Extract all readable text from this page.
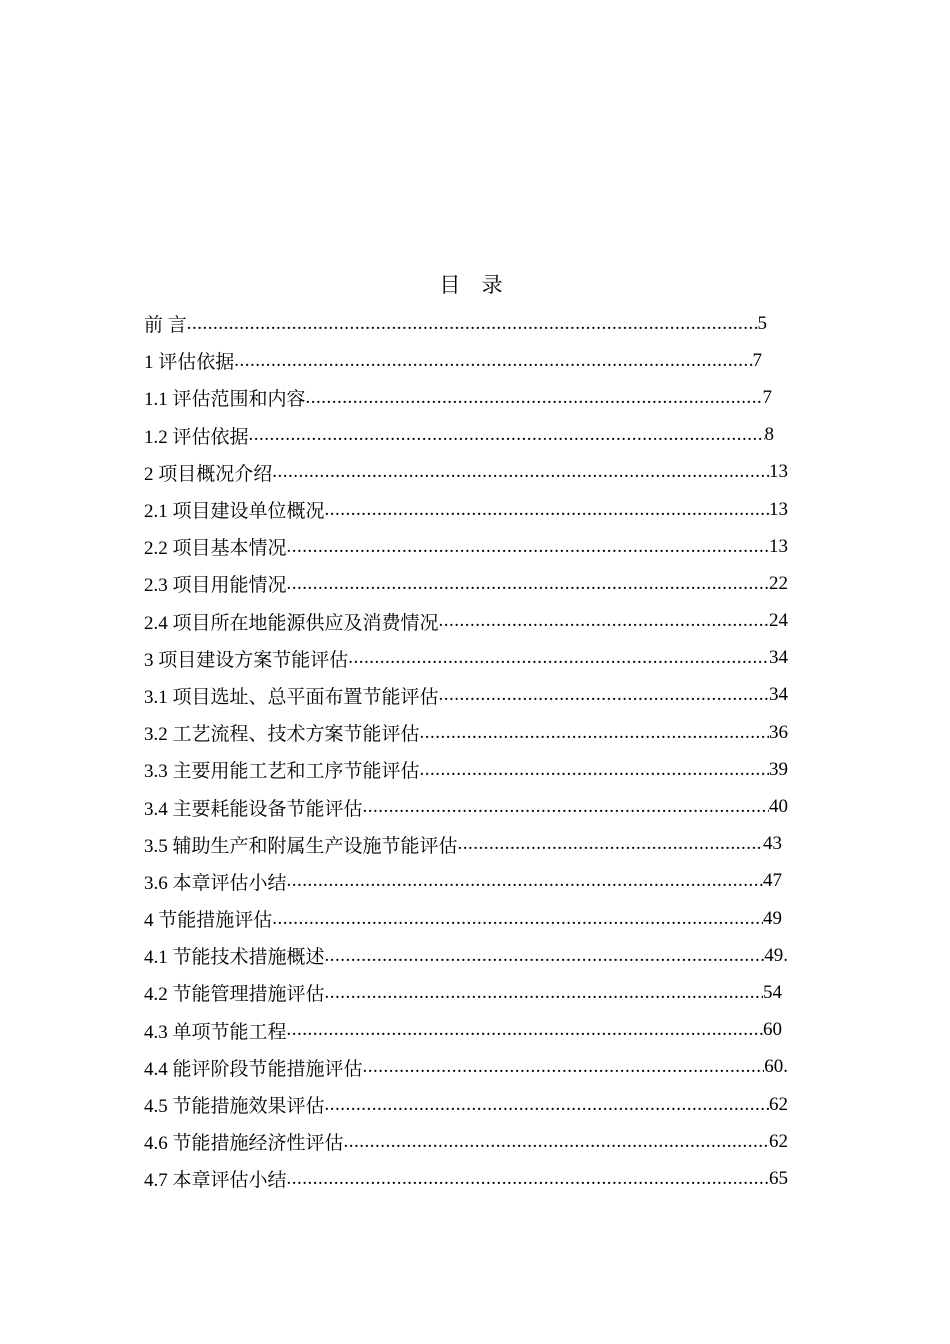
目 录
前 言 .....	5
1 评估依据 .....	7
1.1 评估范围和内容 .....	7
1.2 评估依据 .....	8
2 项目概况介绍 .....	13
2.1 项目建设单位概况 .....	13
2.2 项目基本情况 .....	13
2.3 项目用能情况 .....	22
2.4 项目所在地能源供应及消费情况 .....	24
3 项目建设方案节能评估 .....	34
3.1 项目选址、总平面布置节能评估 .....	34
3.2 工艺流程、技术方案节能评估 .....	36
3.3 主要用能工艺和工序节能评估 .....	39
3.4 主要耗能设备节能评估 .....	40
3.5 辅助生产和附属生产设施节能评估 .....	43
3.6 本章评估小结 .....	47
4 节能措施评估 .....	49
4.1 节能技术措施概述 .....	49.
4.2 节能管理措施评估 .....	54
4.3 单项节能工程 .....	60
4.4 能评阶段节能措施评估 .....	60.
4.5 节能措施效果评估 .....	62
4.6 节能措施经济性评估 .....	62
4.7 本章评估小结 .....	65
